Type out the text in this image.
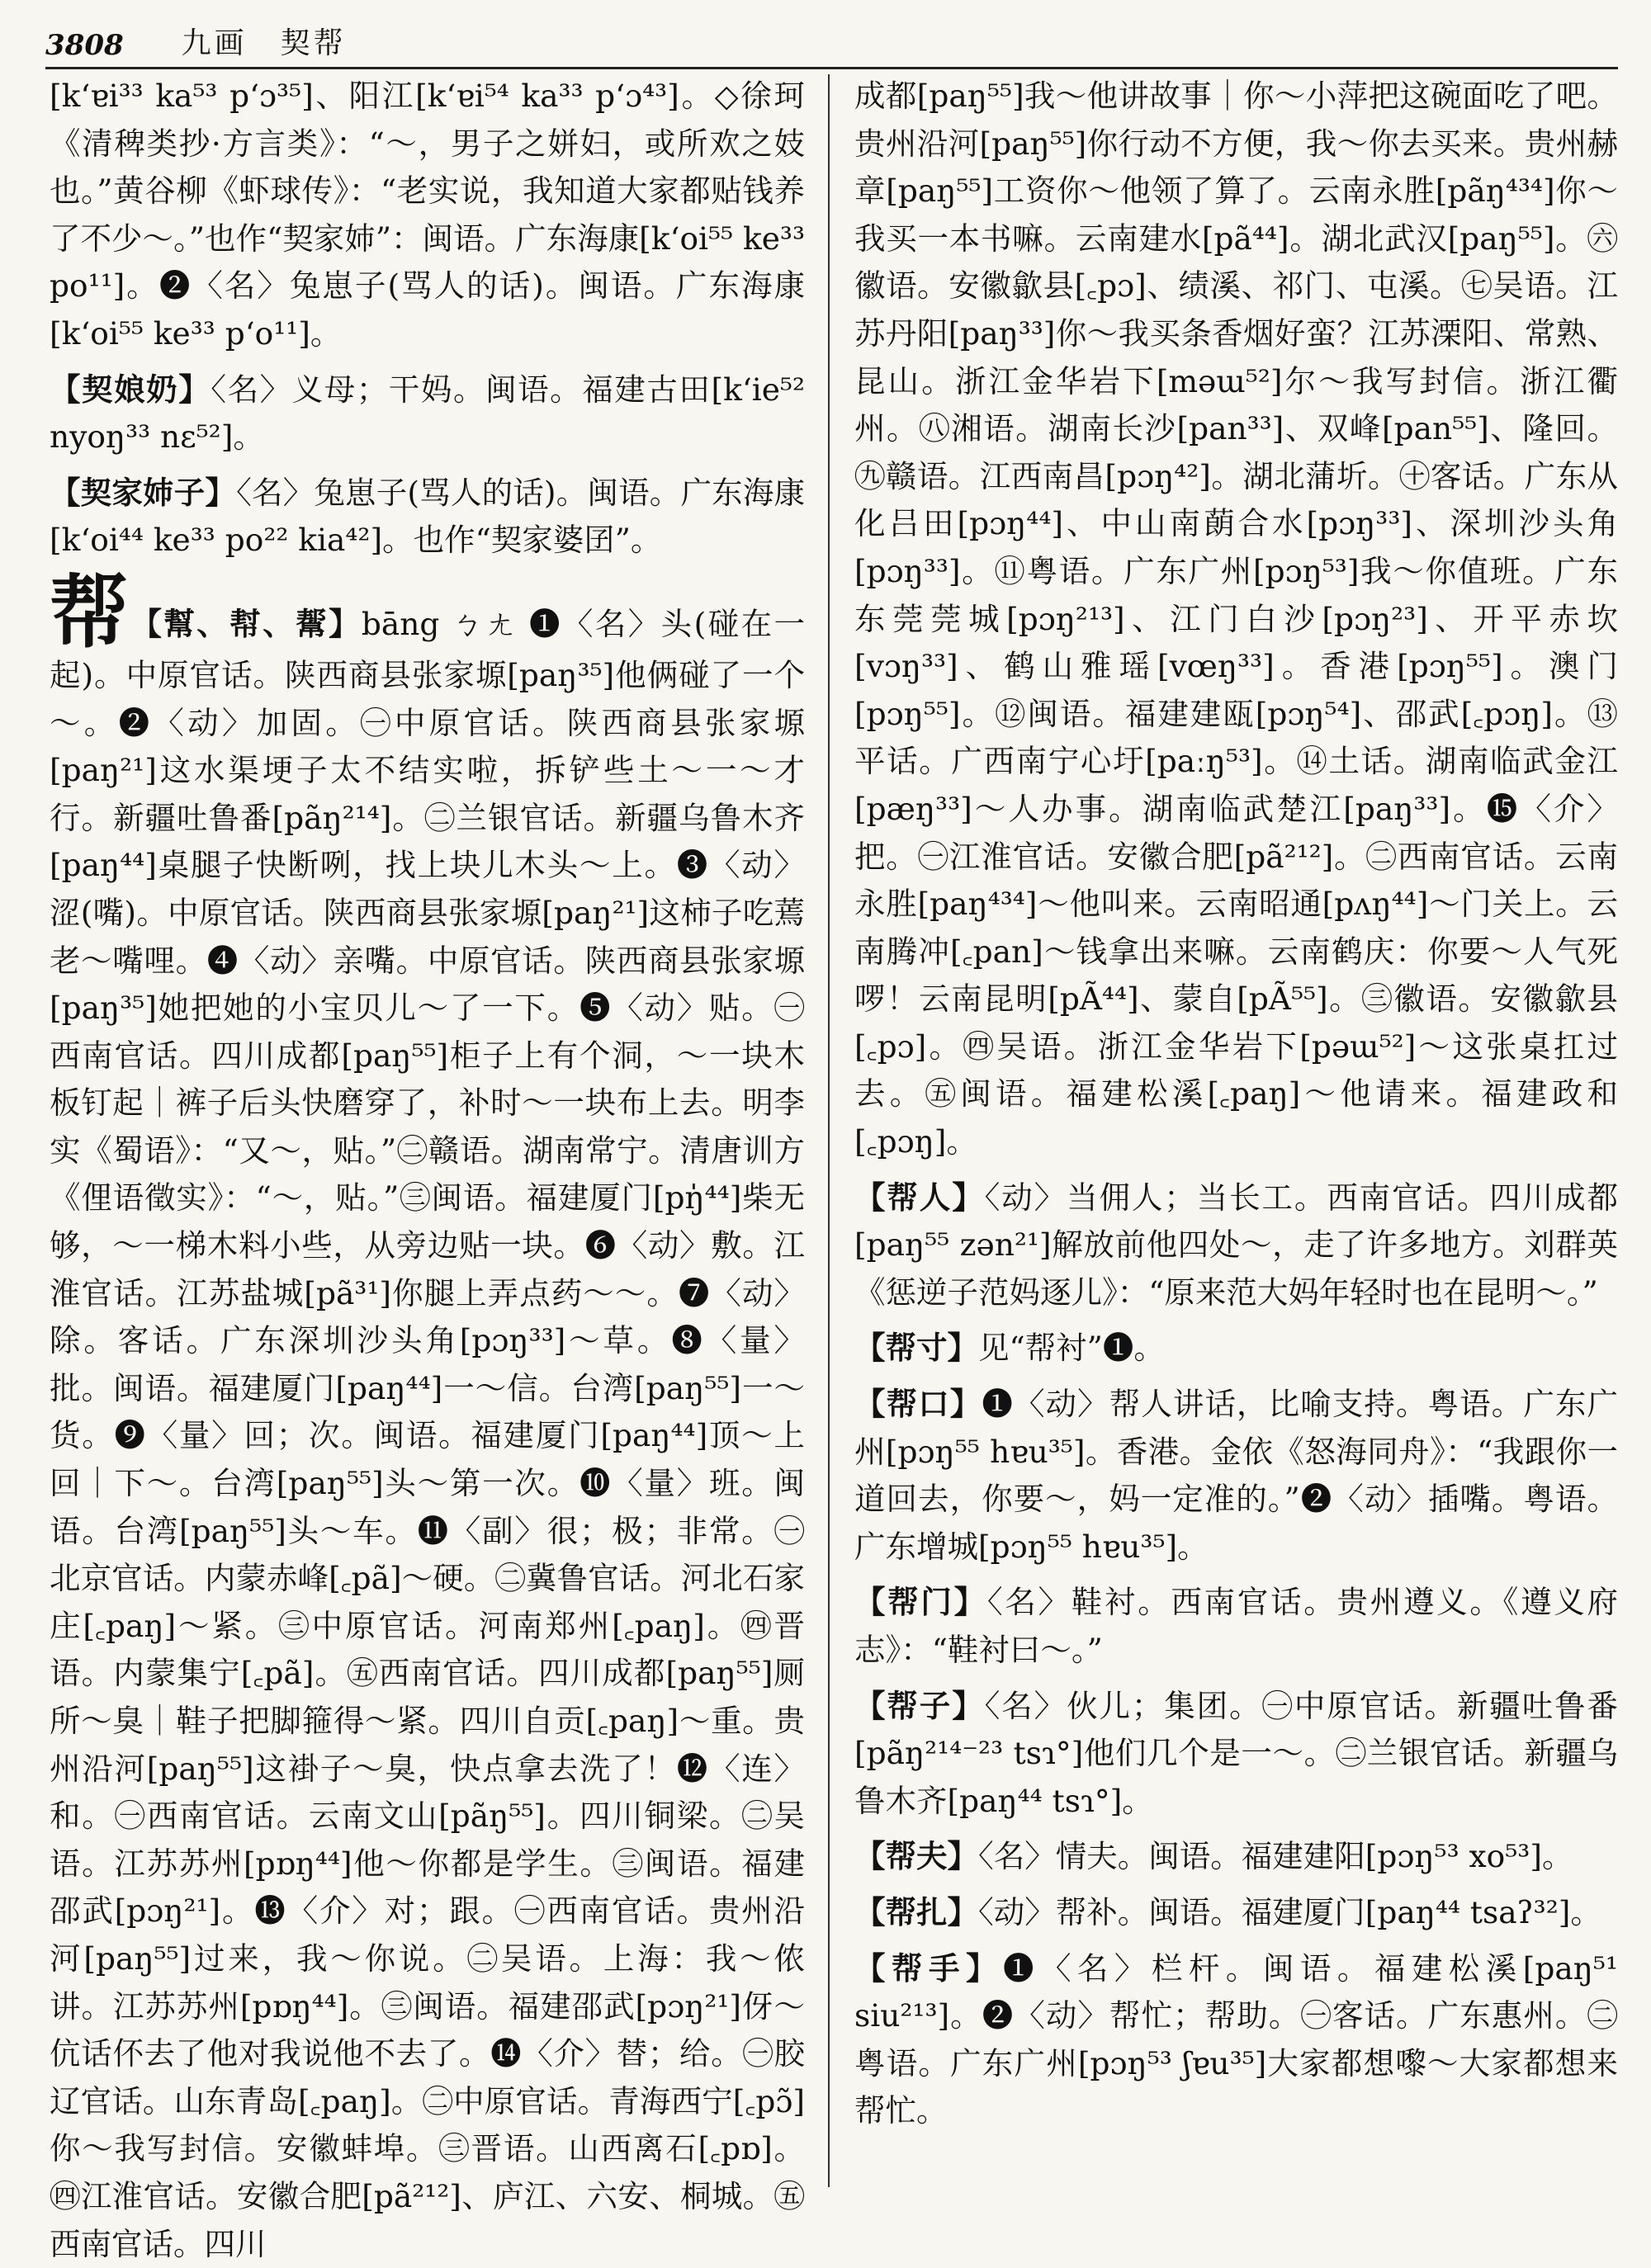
3808 九画　契帮

[kʻɐi³³ ka⁵³ pʻɔ³⁵]、阳江[kʻɐi⁵⁴ ka³³ pʻɔ⁴³]。◇徐珂《清稗类抄·方言类》：“～，男子之姘妇，或所欢之妓也。”黄谷柳《虾球传》：“老实说，我知道大家都贴钱养了不少～。”也作“契家姉”：闽语。广东海康[kʻoi⁵⁵ ke³³ po¹¹]。❷〈名〉兔崽子(骂人的话)。闽语。广东海康[kʻoi⁵⁵ ke³³ pʻo¹¹]。

【契娘奶】〈名〉义母；干妈。闽语。福建古田[kʻie⁵² nyoŋ³³ nɛ⁵²]。

【契家姉子】〈名〉兔崽子(骂人的话)。闽语。广东海康[kʻoi⁴⁴ ke³³ po²² kia⁴²]。也作“契家婆囝”。

帮【幫、幇、幚】bāng ㄅㄤ ❶〈名〉头(碰在一起)。中原官话。陕西商县张家塬[paŋ³⁵]他俩碰了一个～。❷〈动〉加固。㊀中原官话。陕西商县张家塬[paŋ²¹]这水渠埂子太不结实啦，拆铲些土～一～才行。新疆吐鲁番[pãŋ²¹⁴]。㊁兰银官话。新疆乌鲁木齐[paŋ⁴⁴]桌腿子快断咧，找上块儿木头～上。❸〈动〉涩(嘴)。中原官话。陕西商县张家塬[paŋ²¹]这柿子吃蔫老～嘴哩。❹〈动〉亲嘴。中原官话。陕西商县张家塬[paŋ³⁵]她把她的小宝贝儿～了一下。❺〈动〉贴。㊀西南官话。四川成都[paŋ⁵⁵]柜子上有个洞，～一块木板钉起｜裤子后头快磨穿了，补时～一块布上去。明李实《蜀语》：“又～，贴。”㊁赣语。湖南常宁。清唐训方《俚语徵实》：“～，贴。”㊂闽语。福建厦门[pŋ̍⁴⁴]柴无够，～一梯木料小些，从旁边贴一块。❻〈动〉敷。江淮官话。江苏盐城[pã³¹]你腿上弄点药～～。❼〈动〉除。客话。广东深圳沙头角[pɔŋ³³]～草。❽〈量〉批。闽语。福建厦门[paŋ⁴⁴]一～信。台湾[paŋ⁵⁵]一～货。❾〈量〉回；次。闽语。福建厦门[paŋ⁴⁴]顶～上回｜下～。台湾[paŋ⁵⁵]头～第一次。❿〈量〉班。闽语。台湾[paŋ⁵⁵]头～车。⓫〈副〉很；极；非常。㊀北京官话。内蒙赤峰[꜀pã]～硬。㊁冀鲁官话。河北石家庄[꜀paŋ]～紧。㊂中原官话。河南郑州[꜀paŋ]。㊃晋语。内蒙集宁[꜀pã]。㊄西南官话。四川成都[paŋ⁵⁵]厕所～臭｜鞋子把脚箍得～紧。四川自贡[꜀paŋ]～重。贵州沿河[paŋ⁵⁵]这褂子～臭，快点拿去洗了！⓬〈连〉和。㊀西南官话。云南文山[pãŋ⁵⁵]。四川铜梁。㊁吴语。江苏苏州[pɒŋ⁴⁴]他～你都是学生。㊂闽语。福建邵武[pɔŋ²¹]。⓭〈介〉对；跟。㊀西南官话。贵州沿河[paŋ⁵⁵]过来，我～你说。㊁吴语。上海：我～侬讲。江苏苏州[pɒŋ⁴⁴]。㊂闽语。福建邵武[pɔŋ²¹]伢～伉话伓去了他对我说他不去了。⓮〈介〉替；给。㊀胶辽官话。山东青岛[꜀paŋ]。㊁中原官话。青海西宁[꜀pɔ̃]你～我写封信。安徽蚌埠。㊂晋语。山西离石[꜀pɒ]。㊃江淮官话。安徽合肥[pã²¹²]、庐江、六安、桐城。㊄西南官话。四川

成都[paŋ⁵⁵]我～他讲故事｜你～小萍把这碗面吃了吧。贵州沿河[paŋ⁵⁵]你行动不方便，我～你去买来。贵州赫章[paŋ⁵⁵]工资你～他领了算了。云南永胜[pãŋ⁴³⁴]你～我买一本书嘛。云南建水[pã⁴⁴]。湖北武汉[paŋ⁵⁵]。㊅徽语。安徽歙县[꜀pɔ]、绩溪、祁门、屯溪。㊆吴语。江苏丹阳[paŋ³³]你～我买条香烟好蛮？江苏溧阳、常熟、昆山。浙江金华岩下[məɯ⁵²]尔～我写封信。浙江衢州。㊇湘语。湖南长沙[pan³³]、双峰[pan⁵⁵]、隆回。㊈赣语。江西南昌[pɔŋ⁴²]。湖北蒲圻。㊉客话。广东从化吕田[pɔŋ⁴⁴]、中山南蓢合水[pɔŋ³³]、深圳沙头角[pɔŋ³³]。⑪粤语。广东广州[pɔŋ⁵³]我～你值班。广东东莞莞城[pɔŋ²¹³]、江门白沙[pɔŋ²³]、开平赤坎[vɔŋ³³]、鹤山雅瑶[vœŋ³³]。香港[pɔŋ⁵⁵]。澳门[pɔŋ⁵⁵]。⑫闽语。福建建瓯[pɔŋ⁵⁴]、邵武[꜀pɔŋ]。⑬平话。广西南宁心圩[paːŋ⁵³]。⑭土话。湖南临武金江[pæŋ³³]～人办事。湖南临武楚江[paŋ³³]。⓯〈介〉把。㊀江淮官话。安徽合肥[pã²¹²]。㊁西南官话。云南永胜[paŋ⁴³⁴]～他叫来。云南昭通[pʌŋ⁴⁴]～门关上。云南腾冲[꜀pan]～钱拿出来嘛。云南鹤庆：你要～人气死啰！云南昆明[pÃ⁴⁴]、蒙自[pÃ⁵⁵]。㊂徽语。安徽歙县[꜀pɔ]。㊃吴语。浙江金华岩下[pəɯ⁵²]～这张桌扛过去。㊄闽语。福建松溪[꜀paŋ]～他请来。福建政和[꜀pɔŋ]。

【帮人】〈动〉当佣人；当长工。西南官话。四川成都[paŋ⁵⁵ zən²¹]解放前他四处～，走了许多地方。刘群英《惩逆子范妈逐儿》：“原来范大妈年轻时也在昆明～。”

【帮寸】见“帮衬”❶。

【帮口】❶〈动〉帮人讲话，比喻支持。粤语。广东广州[pɔŋ⁵⁵ hɐu³⁵]。香港。金依《怒海同舟》：“我跟你一道回去，你要～，妈一定准的。”❷〈动〉插嘴。粤语。广东增城[pɔŋ⁵⁵ hɐu³⁵]。

【帮门】〈名〉鞋衬。西南官话。贵州遵义。《遵义府志》：“鞋衬曰～。”

【帮子】〈名〉伙儿；集团。㊀中原官话。新疆吐鲁番[pãŋ²¹⁴⁻²³ tsɿ°]他们几个是一～。㊁兰银官话。新疆乌鲁木齐[paŋ⁴⁴ tsɿ°]。

【帮夫】〈名〉情夫。闽语。福建建阳[pɔŋ⁵³ xo⁵³]。

【帮扎】〈动〉帮补。闽语。福建厦门[paŋ⁴⁴ tsaʔ³²]。

【帮手】❶〈名〉栏杆。闽语。福建松溪[paŋ⁵¹ siu²¹³]。❷〈动〉帮忙；帮助。㊀客话。广东惠州。㊁粤语。广东广州[pɔŋ⁵³ ʃɐu³⁵]大家都想嚟～大家都想来帮忙。
